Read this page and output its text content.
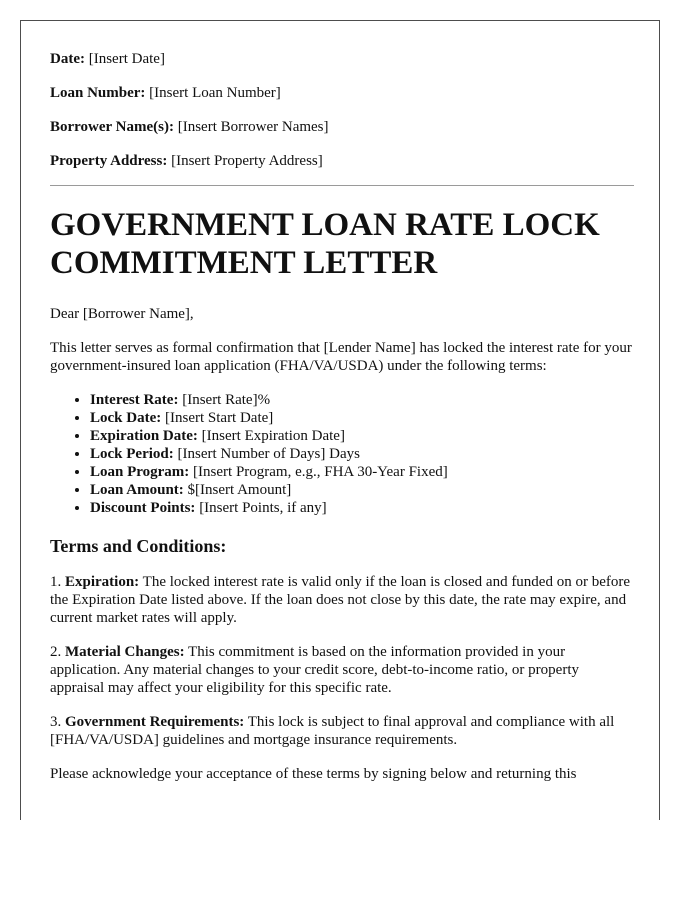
Date: [Insert Date]

Loan Number: [Insert Loan Number]

Borrower Name(s): [Insert Borrower Names]

Property Address: [Insert Property Address]

GOVERNMENT LOAN RATE LOCK COMMITMENT LETTER

Dear [Borrower Name],

This letter serves as formal confirmation that [Lender Name] has locked the interest rate for your government-insured loan application (FHA/VA/USDA) under the following terms:

• Interest Rate: [Insert Rate]%
• Lock Date: [Insert Start Date]
• Expiration Date: [Insert Expiration Date]
• Lock Period: [Insert Number of Days] Days
• Loan Program: [Insert Program, e.g., FHA 30-Year Fixed]
• Loan Amount: $[Insert Amount]
• Discount Points: [Insert Points, if any]
Terms and Conditions:

1. Expiration: The locked interest rate is valid only if the loan is closed and funded on or before the Expiration Date listed above. If the loan does not close by this date, the rate may expire, and current market rates will apply.

2. Material Changes: This commitment is based on the information provided in your application. Any material changes to your credit score, debt-to-income ratio, or property appraisal may affect your eligibility for this specific rate.

3. Government Requirements: This lock is subject to final approval and compliance with all [FHA/VA/USDA] guidelines and mortgage insurance requirements.

Please acknowledge your acceptance of these terms by signing below and returning this
